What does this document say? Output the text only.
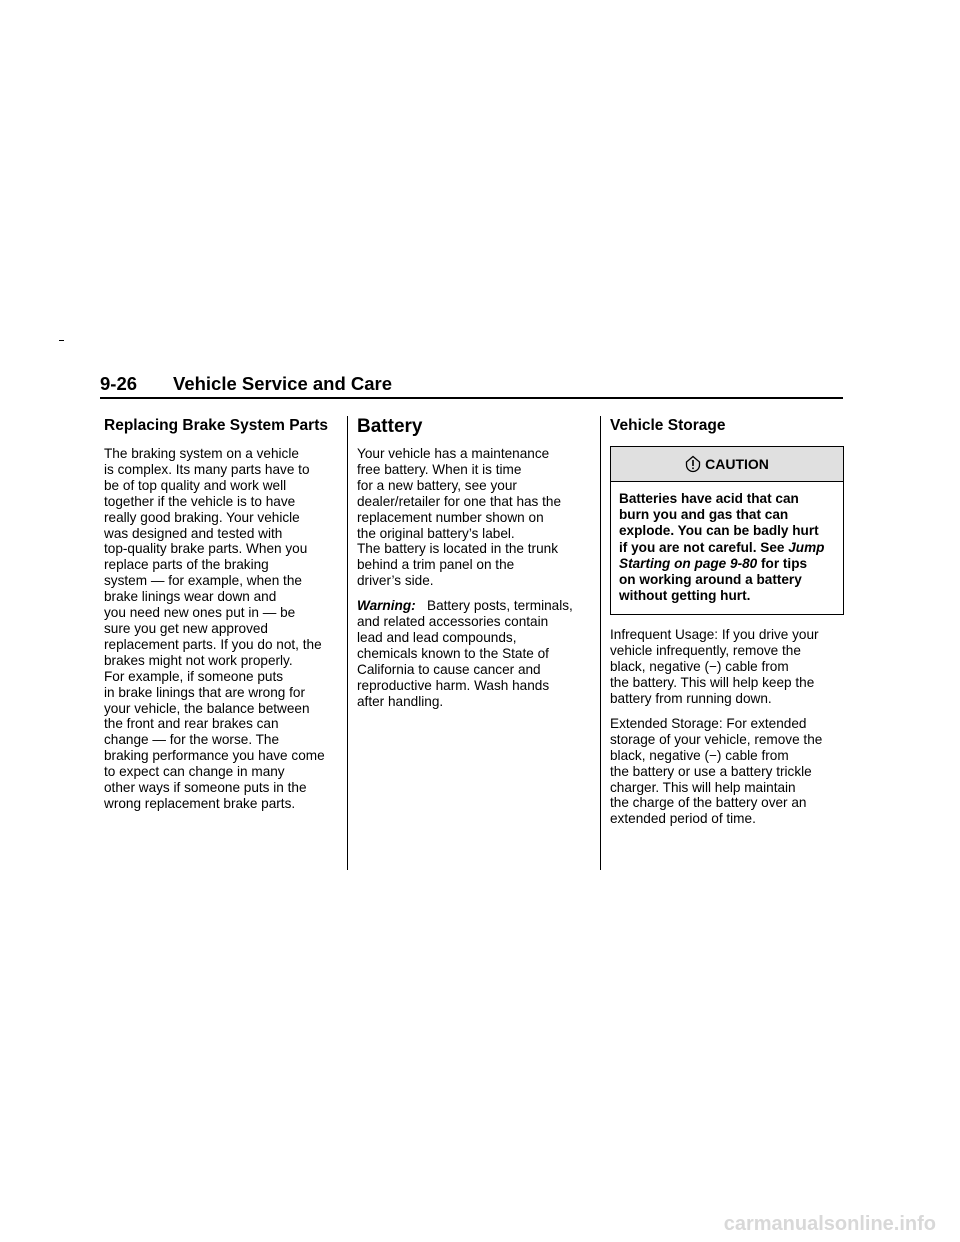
9-26 Vehicle Service and Care
Replacing Brake System Parts

The braking system on a vehicle
is complex. Its many parts have to
be of top quality and work well
together if the vehicle is to have
really good braking. Your vehicle
was designed and tested with
top-quality brake parts. When you
replace parts of the braking
system — for example, when the
brake linings wear down and
you need new ones put in — be
sure you get new approved
replacement parts. If you do not, the
brakes might not work properly.
For example, if someone puts
in brake linings that are wrong for
your vehicle, the balance between
the front and rear brakes can
change — for the worse. The
braking performance you have come
to expect can change in many
other ways if someone puts in the
wrong replacement brake parts.

Battery

Your vehicle has a maintenance
free battery. When it is time
for a new battery, see your
dealer/retailer for one that has the
replacement number shown on
the original battery’s label.
The battery is located in the trunk
behind a trim panel on the
driver’s side.

Warning: Battery posts, terminals,
and related accessories contain
lead and lead compounds,
chemicals known to the State of
California to cause cancer and
reproductive harm. Wash hands
after handling.

Vehicle Storage
CAUTION
Batteries have acid that can
burn you and gas that can
explode. You can be badly hurt
if you are not careful. See Jump
Starting on page 9-80 for tips
on working around a battery
without getting hurt.

Infrequent Usage: If you drive your
vehicle infrequently, remove the
black, negative (−) cable from
the battery. This will help keep the
battery from running down.

Extended Storage: For extended
storage of your vehicle, remove the
black, negative (−) cable from
the battery or use a battery trickle
charger. This will help maintain
the charge of the battery over an
extended period of time.

carmanualsonline.info
